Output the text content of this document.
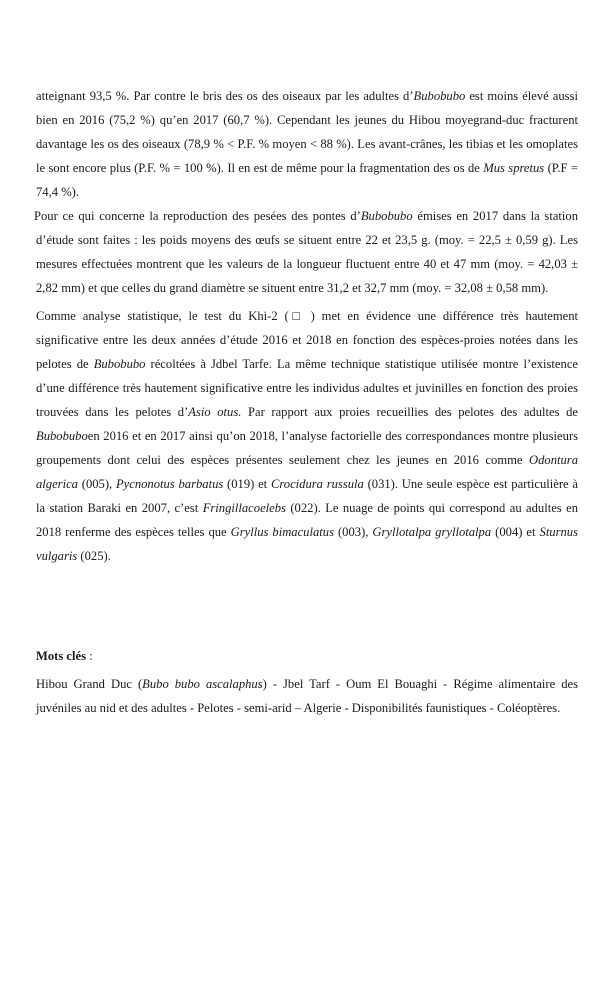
atteignant 93,5 %. Par contre le bris des os des oiseaux par les adultes d’Bubobubo est moins élevé aussi bien en 2016 (75,2 %) qu’en 2017 (60,7 %). Cependant les jeunes du Hibou moyegrand-duc fracturent davantage les os des oiseaux (78,9 % < P.F. % moyen < 88 %). Les avant-crânes, les tibias et les omoplates le sont encore plus (P.F. % = 100 %). Il en est de même pour la fragmentation des os de Mus spretus (P.F = 74,4 %).

Pour ce qui concerne la reproduction des pesées des pontes d’Bubobubo émises en 2017 dans la station d’étude sont faites : les poids moyens des œufs se situent entre 22 et 23,5 g. (moy. = 22,5 ± 0,59 g). Les mesures effectuées montrent que les valeurs de la longueur fluctuent entre 40 et 47 mm (moy. = 42,03 ± 2,82 mm) et que celles du grand diamètre se situent entre 31,2 et 32,7 mm (moy. = 32,08 ± 0,58 mm).

Comme analyse statistique, le test du Khi-2 (□ ) met en évidence une différence très hautement significative entre les deux années d’étude 2016 et 2018 en fonction des espèces-proies notées dans les pelotes de Bubobubo récoltées à Jdbel Tarfe. La même technique statistique utilisée montre l’existence d’une différence très hautement significative entre les individus adultes et juvinilles en fonction des proies trouvées dans les pelotes d’Asio otus. Par rapport aux proies recueillies des pelotes des adultes de Bubobuboen 2016 et en 2017 ainsi qu’on 2018, l’analyse factorielle des correspondances montre plusieurs groupements dont celui des espèces présentes seulement chez les jeunes en 2016 comme Odontura algerica (005), Pycnonotus barbatus (019) et Crocidura russula (031). Une seule espèce est particulière à la station Baraki en 2007, c’est Fringillacoelebs (022). Le nuage de points qui correspond au adultes en 2018 renferme des espèces telles que Gryllus bimaculatus (003), Gryllotalpa gryllotalpa (004) et Sturnus vulgaris (025).

Mots clés :

Hibou Grand Duc (Bubo bubo ascalaphus) - Jbel Tarf - Oum El Bouaghi - Régime alimentaire des juvéniles au nid et des adultes - Pelotes - semi-arid – Algerie - Disponibilités faunistiques - Coléoptères.
